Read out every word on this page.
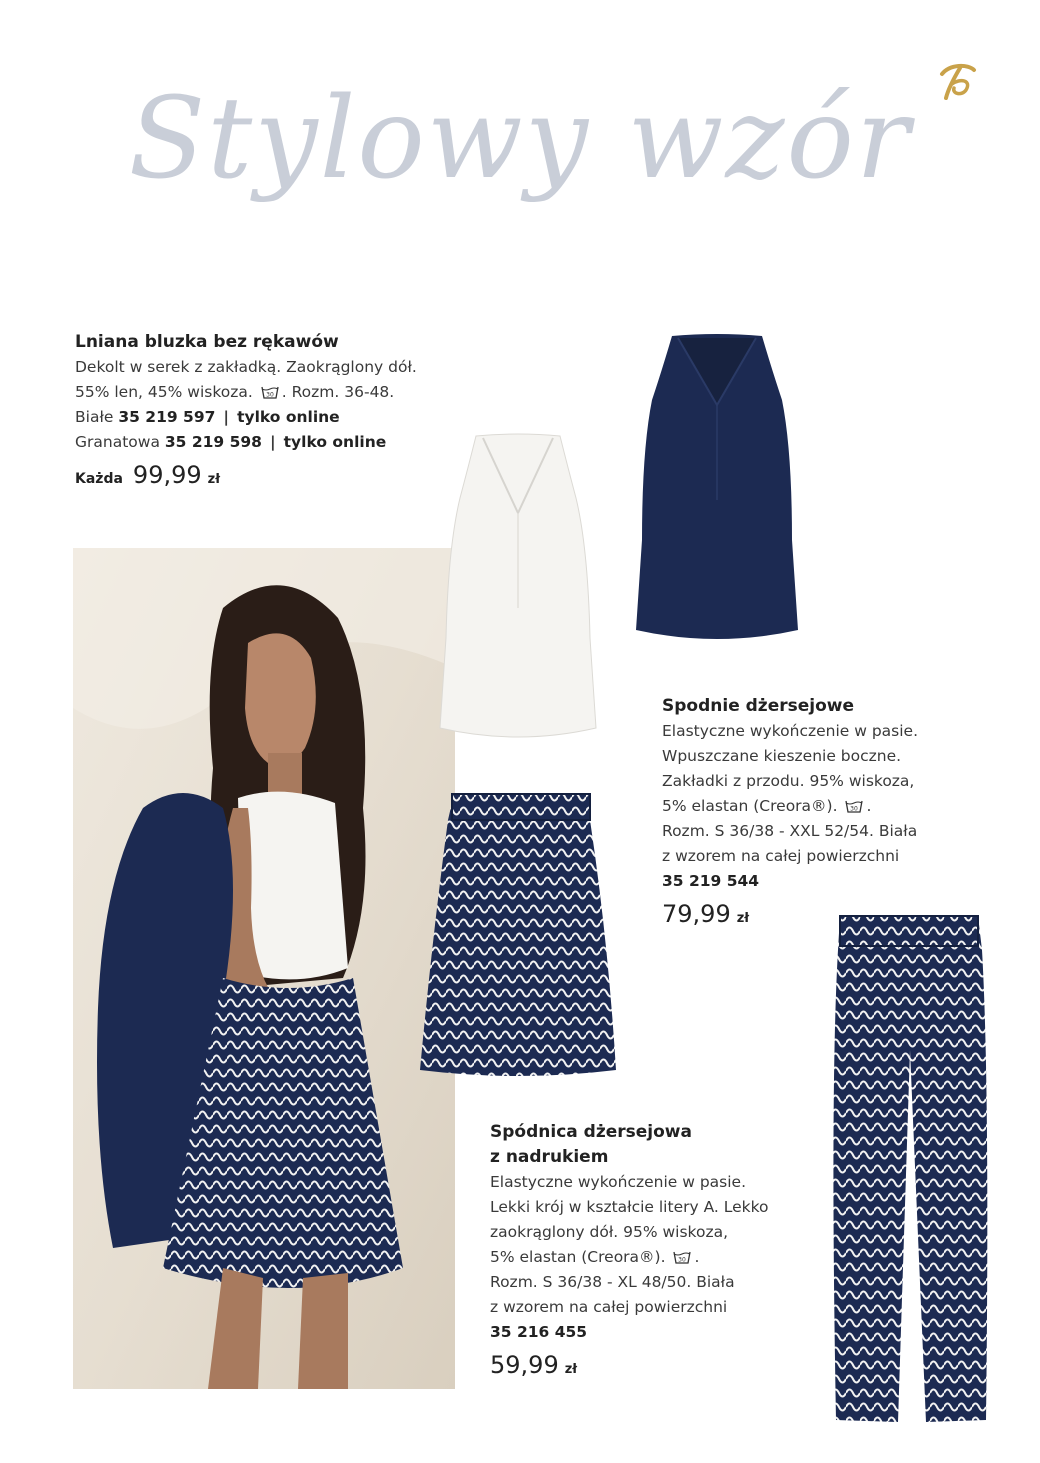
Stylowy wzór
Lniana bluzka bez rękawów
Dekolt w serek z zakładką. Zaokrąglony dół.
55% len, 45% wiskoza. 30 . Rozm. 36-48.
Białe 35 219 597 | tylko online
Granatowa 35 219 598 | tylko online
Każda 99,99 zł
Spodnie dżersejowe
Elastyczne wykończenie w pasie.
Wpuszczane kieszenie boczne.
Zakładki z przodu. 95% wiskoza,
5% elastan (Creora®). 30 .
Rozm. S 36/38 - XXL 52/54. Biała
z wzorem na całej powierzchni
35 219 544
79,99 zł
Spódnica dżersejowa
z nadrukiem
Elastyczne wykończenie w pasie.
Lekki krój w kształcie litery A. Lekko
zaokrąglony dół. 95% wiskoza,
5% elastan (Creora®). 30 .
Rozm. S 36/38 - XL 48/50. Biała
z wzorem na całej powierzchni
35 216 455
59,99 zł
